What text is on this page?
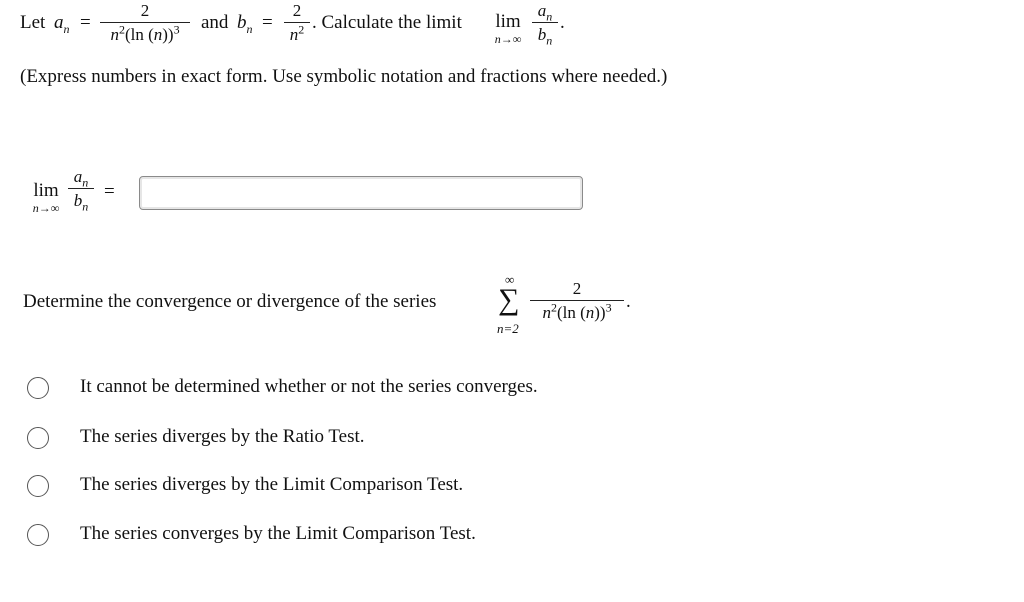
Let $a_n$ =
2
$n^2(\ln$ (n))$^3$	and $b_n$ =
2
$n^2$ . Calculate the limit lim
n→∞
$a_n$
$b_n$
.
(Express numbers in exact form. Use symbolic notation and fractions where needed.)
lim
n→∞
$a_n$
$b_n$
=
Determine the convergence or divergence of the series
∞
∑
n=2
2
$n^2(\ln$ (n))$^3$ .
It cannot be determined whether or not the series converges.
The series diverges by the Ratio Test.
The series diverges by the Limit Comparison Test.
The series converges by the Limit Comparison Test.
